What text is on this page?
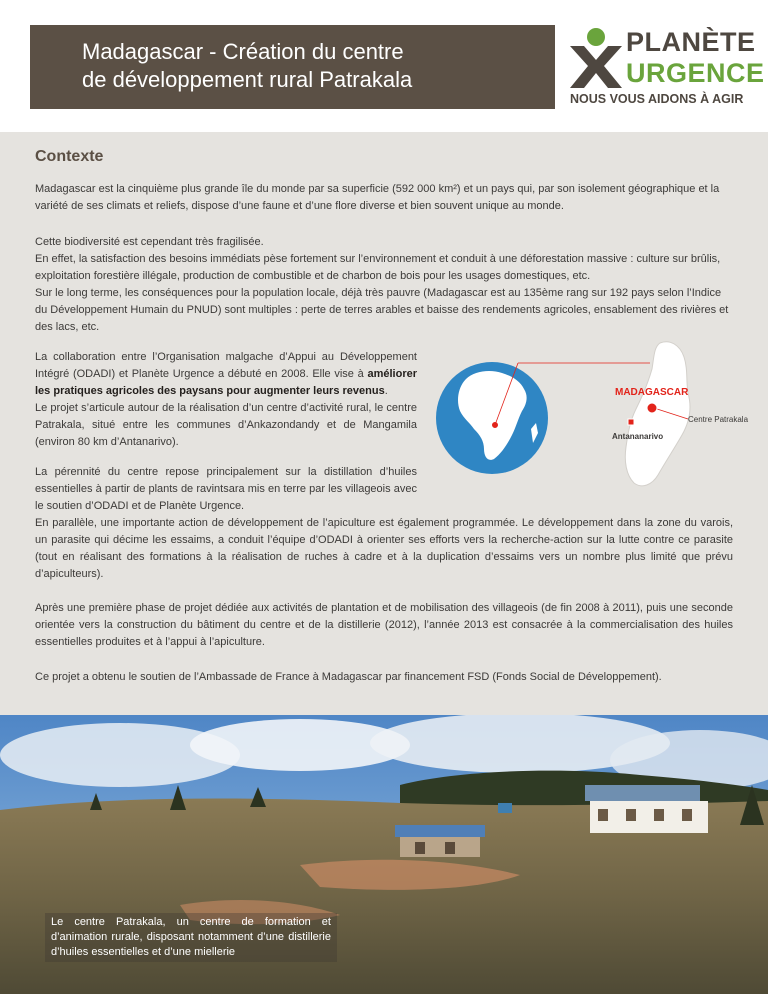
Madagascar - Création du centre
de développement rural Patrakala
PLANÈTE
URGENCE
NOUS VOUS AIDONS À AGIR
Contexte

Madagascar est la cinquième plus grande île du monde par sa superficie (592 000 km²) et un pays qui, par son isolement géographique et la variété de ses climats et reliefs, dispose d’une faune et d’une flore diverse et bien souvent unique au monde.

Cette biodiversité est cependant très fragilisée.
En effet, la satisfaction des besoins immédiats pèse fortement sur l’environnement et conduit à une déforestation massive : culture sur brûlis, exploitation forestière illégale, production de combustible et de charbon de bois pour les usages domestiques, etc.
Sur le long terme, les conséquences pour la population locale, déjà très pauvre (Madagascar est au 135ème rang sur 192 pays selon l’Indice du Développement Humain du PNUD) sont multiples : perte de terres arables et baisse des rendements agricoles, ensablement des rivières et des lacs, etc.
La collaboration entre l’Organisation malgache d’Appui au Développement Intégré (ODADI) et Planète Urgence a débuté en 2008. Elle vise à améliorer les pratiques agricoles des paysans pour augmenter leurs revenus.
Le projet s’articule autour de la réalisation d’un centre d’activité rural, le centre Patrakala, situé entre les communes d’Ankazondandy et de Mangamila (environ 80 km d’Antanarivo).
MADAGASCAR
Centre Patrakala
Antananarivo
La pérennité du centre repose principalement sur la distillation d’huiles essentielles à partir de plants de ravintsara mis en terre par les villageois avec le soutien d’ODADI et de Planète Urgence.
En parallèle, une importante action de développement de l’apiculture est également programmée. Le développement dans la zone du varois, un parasite qui décime les essaims, a conduit l’équipe d’ODADI à orienter ses efforts vers la recherche-action sur la lutte contre ce parasite (tout en réalisant des formations à la réalisation de ruches à cadre et à la duplication d’essaims vers un nombre plus limité que prévu d’apiculteurs).

Après une première phase de projet dédiée aux activités de plantation et de mobilisation des villageois (de fin 2008 à 2011), puis une seconde orientée vers la construction du bâtiment du centre et de la distillerie (2012), l’année 2013 est consacrée à la commercialisation des huiles essentielles produites et à l’appui à l’apiculture.

Ce projet a obtenu le soutien de l’Ambassade de France à Madagascar par financement FSD (Fonds Social de Développement).

Le centre Patrakala, un centre de formation et d’animation rurale, disposant notamment d’une distillerie d’huiles essentielles et d’une miellerie
